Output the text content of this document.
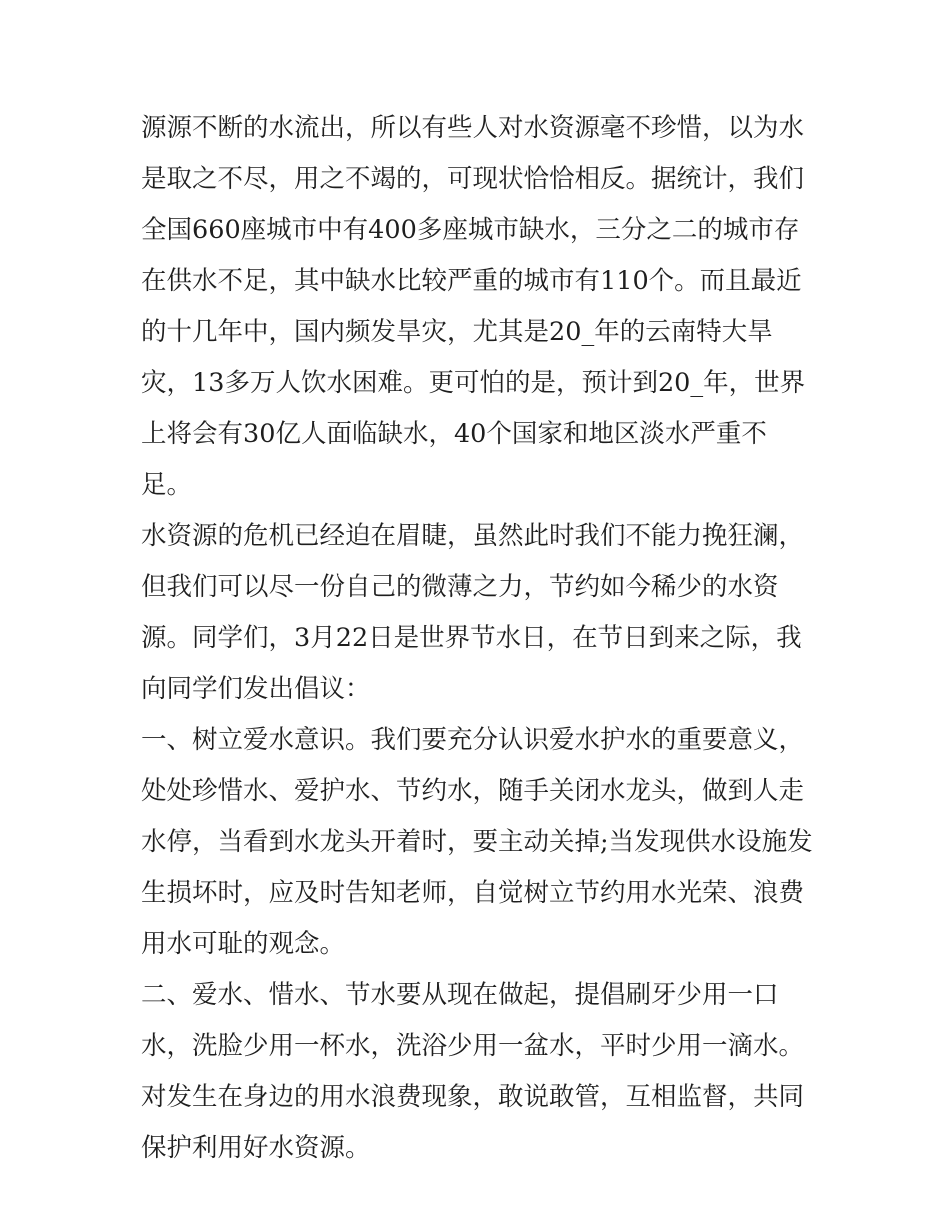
源源不断的水流出，所以有些人对水资源毫不珍惜，以为水是取之不尽，用之不竭的，可现状恰恰相反。据统计，我们全国660座城市中有400多座城市缺水，三分之二的城市存在供水不足，其中缺水比较严重的城市有110个。而且最近的十几年中，国内频发旱灾，尤其是20_年的云南特大旱灾，13多万人饮水困难。更可怕的是，预计到20_年，世界上将会有30亿人面临缺水，40个国家和地区淡水严重不足。

水资源的危机已经迫在眉睫，虽然此时我们不能力挽狂澜，但我们可以尽一份自己的微薄之力，节约如今稀少的水资源。同学们，3月22日是世界节水日，在节日到来之际，我向同学们发出倡议：

一、树立爱水意识。我们要充分认识爱水护水的重要意义，处处珍惜水、爱护水、节约水，随手关闭水龙头，做到人走水停，当看到水龙头开着时，要主动关掉;当发现供水设施发生损坏时，应及时告知老师，自觉树立节约用水光荣、浪费用水可耻的观念。

二、爱水、惜水、节水要从现在做起，提倡刷牙少用一口水，洗脸少用一杯水，洗浴少用一盆水，平时少用一滴水。对发生在身边的用水浪费现象，敢说敢管，互相监督，共同保护利用好水资源。
